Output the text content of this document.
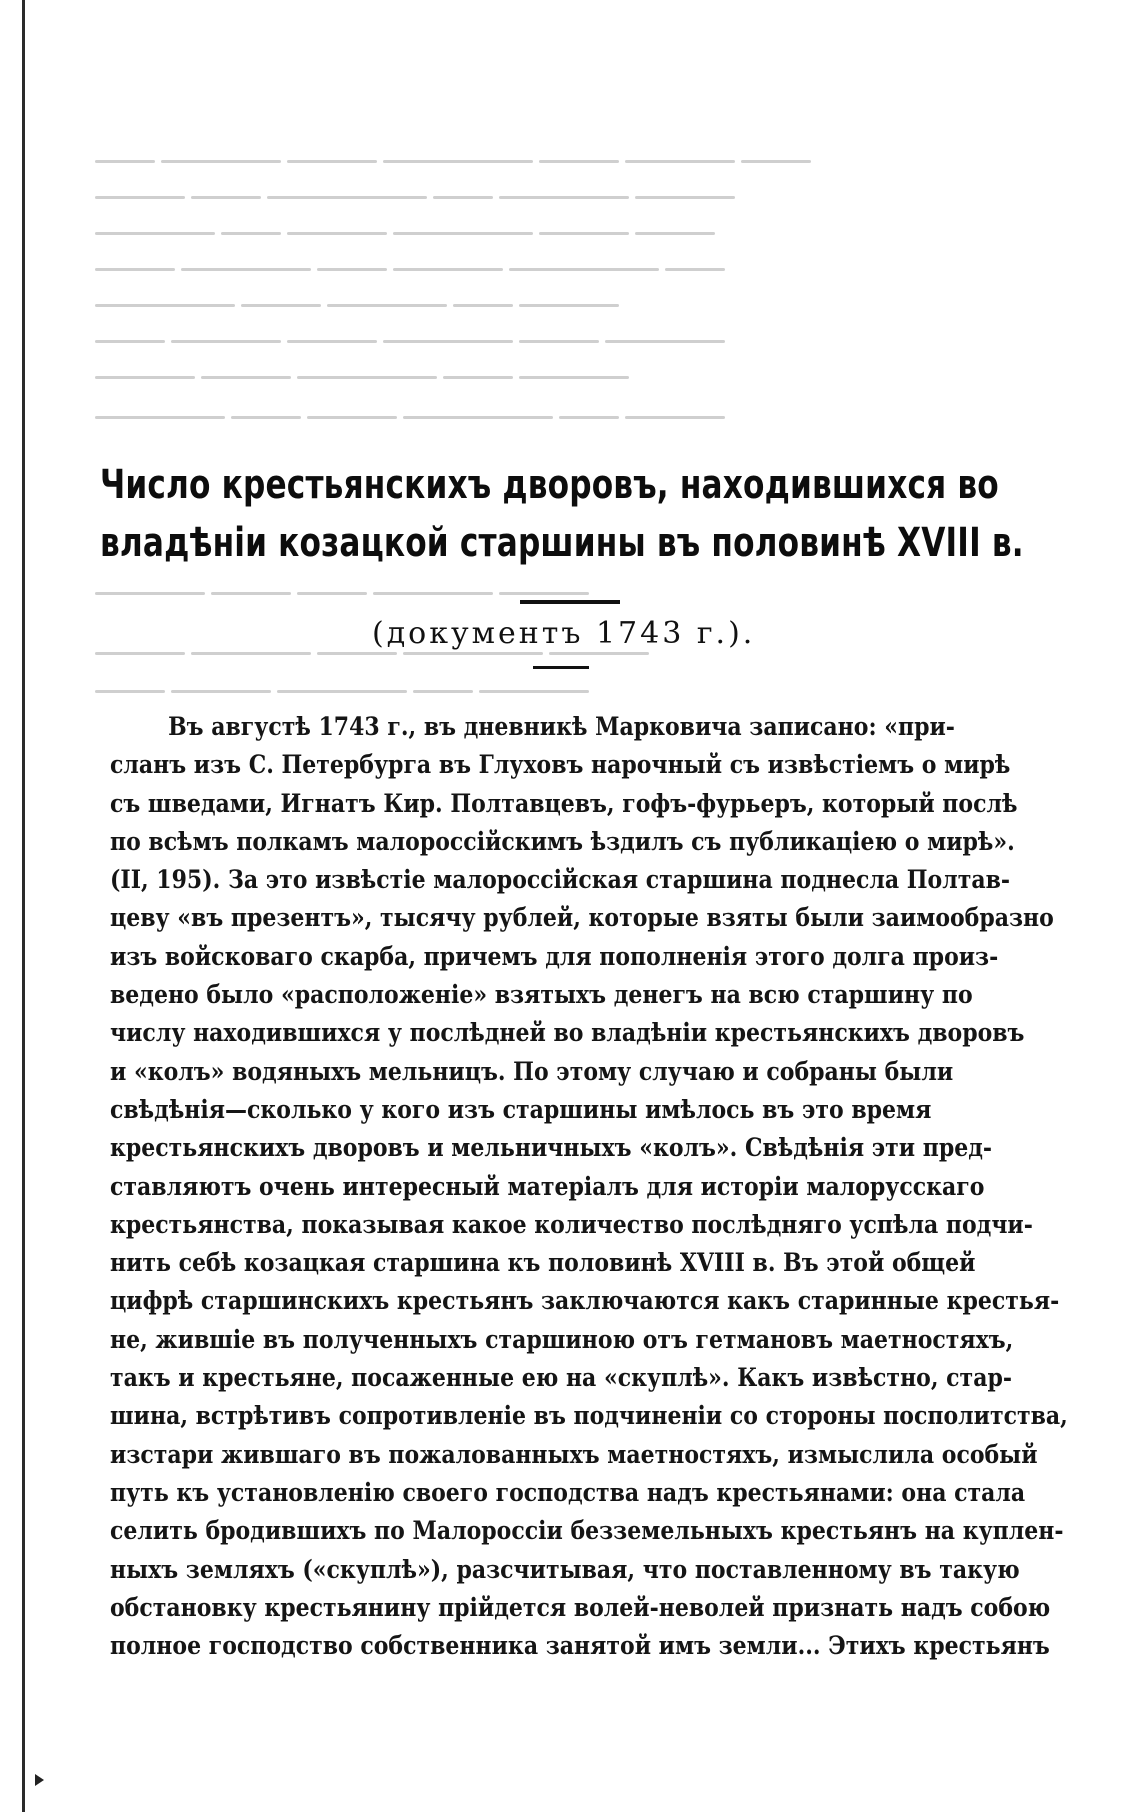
Число крестьянскихъ дворовъ, находившихся во
владѣніи козацкой старшины въ половинѣ XVIII в.
(документъ 1743 г.).
Въ августѣ 1743 г., въ дневникѣ Марковича записано: «при-
сланъ изъ С. Петербурга въ Глуховъ нарочный съ извѣстіемъ о мирѣ
съ шведами, Игнатъ Кир. Полтавцевъ, гофъ-фурьеръ, который послѣ
по всѣмъ полкамъ малороссійскимъ ѣздилъ съ публикаціею о мирѣ».
(II, 195). За это извѣстіе малороссійская старшина поднесла Полтав-
цеву «въ презентъ», тысячу рублей, которые взяты были заимообразно
изъ войсковаго скарба, причемъ для пополненія этого долга произ-
ведено было «расположеніе» взятыхъ денегъ на всю старшину по
числу находившихся у послѣдней во владѣніи крестьянскихъ дворовъ
и «колъ» водяныхъ мельницъ. По этому случаю и собраны были
свѣдѣнія—сколько у кого изъ старшины имѣлось въ это время
крестьянскихъ дворовъ и мельничныхъ «колъ». Свѣдѣнія эти пред-
ставляютъ очень интересный матеріалъ для исторіи малорусскаго
крестьянства, показывая какое количество послѣдняго успѣла подчи-
нить себѣ козацкая старшина къ половинѣ XVIII в. Въ этой общей
цифрѣ старшинскихъ крестьянъ заключаются какъ старинные крестья-
не, жившіе въ полученныхъ старшиною отъ гетмановъ маетностяхъ,
такъ и крестьяне, посаженные ею на «скуплѣ». Какъ извѣстно, стар-
шина, встрѣтивъ сопротивленіе въ подчиненіи со стороны посполитства,
изстари жившаго въ пожалованныхъ маетностяхъ, измыслила особый
путь къ установленію своего господства надъ крестьянами: она стала
селить бродившихъ по Малороссіи безземельныхъ крестьянъ на куплен-
ныхъ земляхъ («скуплѣ»), разсчитывая, что поставленному въ такую
обстановку крестьянину прійдется волей-неволей признать надъ собою
полное господство собственника занятой имъ земли... Этихъ крестьянъ
